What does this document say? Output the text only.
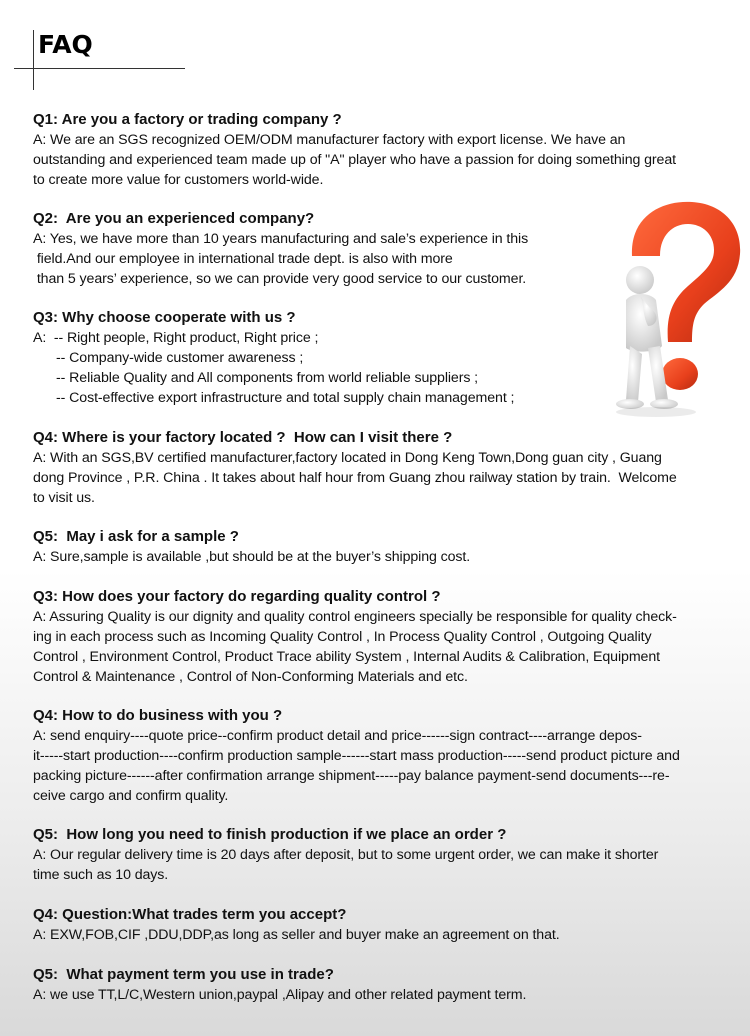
FAQ

Q1: Are you a factory or trading company ?

A: We are an SGS recognized OEM/ODM manufacturer factory with export license. We have an

outstanding and experienced team made up of "A" player who have a passion for doing something great

to create more value for customers world-wide.

Q2:  Are you an experienced company?

A: Yes, we have more than 10 years manufacturing and sale’s experience in this

field.And our employee in international trade dept. is also with more

than 5 years’ experience, so we can provide very good service to our customer.

Q3: Why choose cooperate with us ?

A:  -- Right people, Right product, Right price ;

-- Company-wide customer awareness ;

-- Reliable Quality and All components from world reliable suppliers ;

-- Cost-effective export infrastructure and total supply chain management ;

Q4: Where is your factory located ?  How can I visit there ?

A: With an SGS,BV certified manufacturer,factory located in Dong Keng Town,Dong guan city , Guang

dong Province , P.R. China . It takes about half hour from Guang zhou railway station by train.  Welcome

to visit us.

Q5:  May i ask for a sample ?

A: Sure,sample is available ,but should be at the buyer’s shipping cost.

Q3: How does your factory do regarding quality control ?

A: Assuring Quality is our dignity and quality control engineers specially be responsible for quality check-

ing in each process such as Incoming Quality Control , In Process Quality Control , Outgoing Quality

Control , Environment Control, Product Trace ability System , Internal Audits & Calibration, Equipment

Control & Maintenance , Control of Non-Conforming Materials and etc.

Q4: How to do business with you ?

A: send enquiry----quote price--confirm product detail and price------sign contract----arrange depos-

it-----start production----confirm production sample------start mass production-----send product picture and

packing picture------after confirmation arrange shipment-----pay balance payment-send documents---re-

ceive cargo and confirm quality.

Q5:  How long you need to finish production if we place an order ?

A: Our regular delivery time is 20 days after deposit, but to some urgent order, we can make it shorter

time such as 10 days.

Q4: Question:What trades term you accept?

A: EXW,FOB,CIF ,DDU,DDP,as long as seller and buyer make an agreement on that.

Q5:  What payment term you use in trade?

A: we use TT,L/C,Western union,paypal ,Alipay and other related payment term.
